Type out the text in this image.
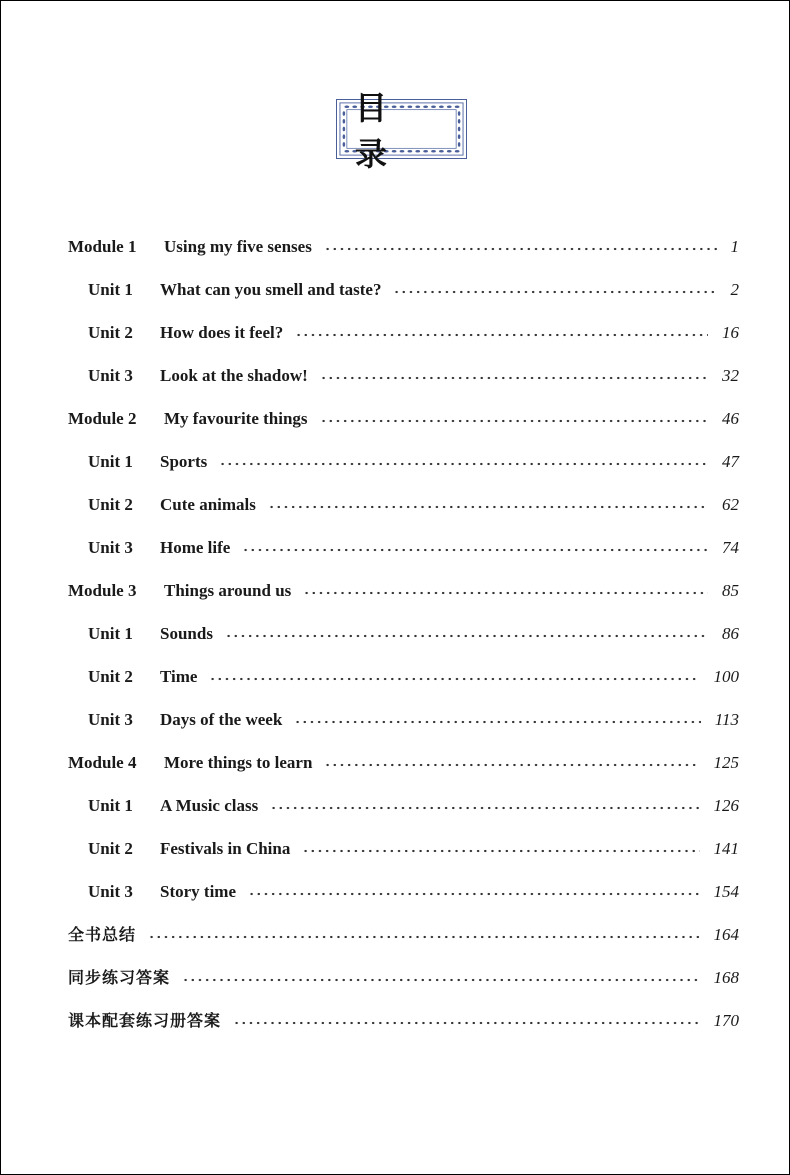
目 录
Module 1 Using my five senses	1
Unit 1 What can you smell and taste?	2
Unit 2 How does it feel?	16
Unit 3 Look at the shadow!	32
Module 2 My favourite things	46
Unit 1 Sports	47
Unit 2 Cute animals	62
Unit 3 Home life	74
Module 3 Things around us	85
Unit 1 Sounds	86
Unit 2 Time	100
Unit 3 Days of the week	113
Module 4 More things to learn	125
Unit 1 A Music class	126
Unit 2 Festivals in China	141
Unit 3 Story time	154
全书总结	164
同步练习答案	168
课本配套练习册答案	170
